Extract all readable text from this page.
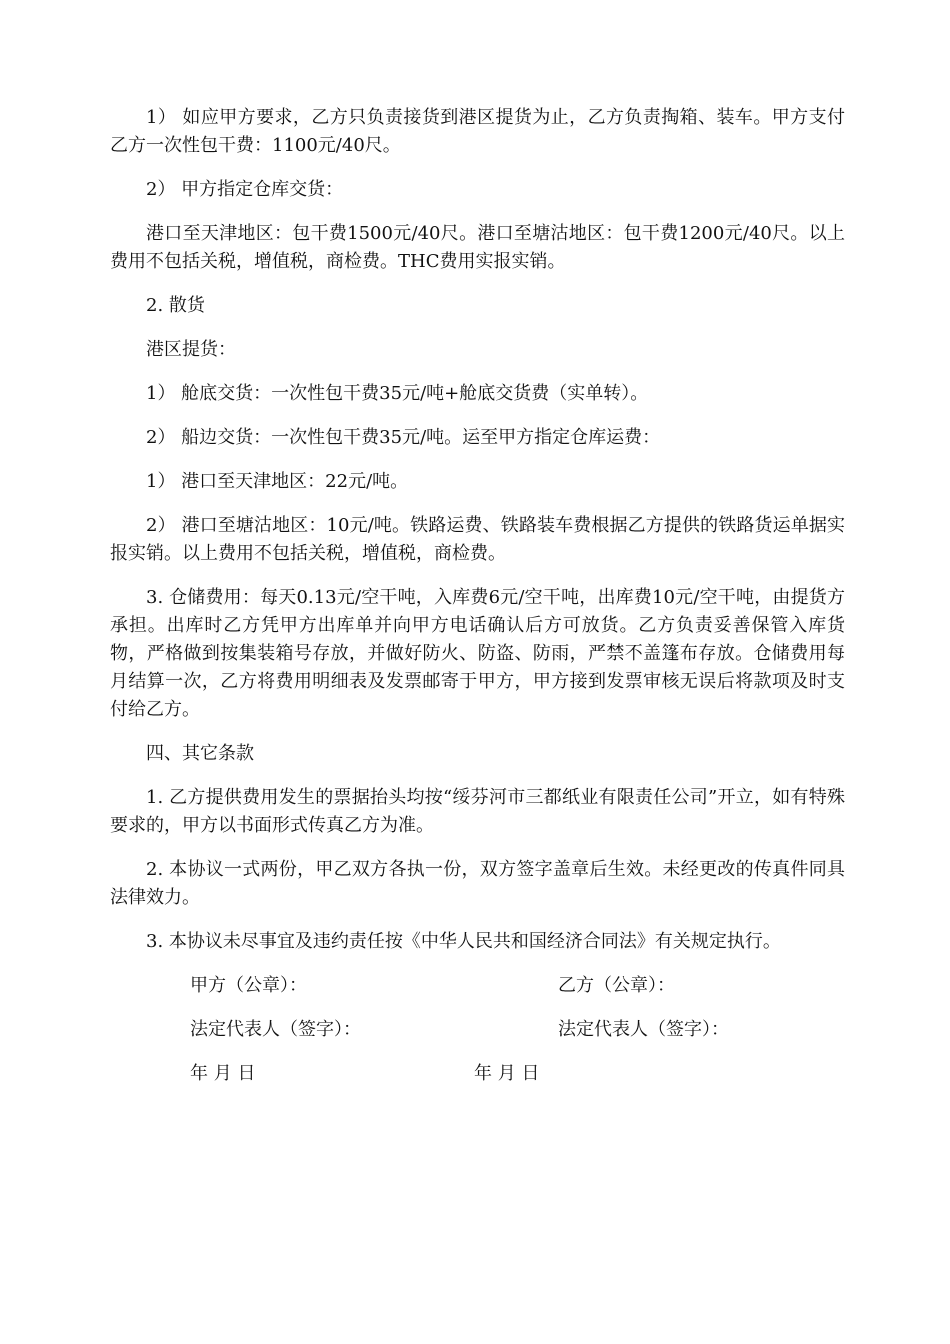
1） 如应甲方要求，乙方只负责接货到港区提货为止，乙方负责掏箱、装车。甲方支付乙方一次性包干费：1100元/40尺。

2） 甲方指定仓库交货：

港口至天津地区：包干费1500元/40尺。港口至塘沽地区：包干费1200元/40尺。以上费用不包括关税，增值税，商检费。THC费用实报实销。

2. 散货

港区提货：

1） 舱底交货：一次性包干费35元/吨+舱底交货费（实单转）。

2） 船边交货：一次性包干费35元/吨。运至甲方指定仓库运费：

1） 港口至天津地区：22元/吨。

2） 港口至塘沽地区：10元/吨。铁路运费、铁路装车费根据乙方提供的铁路货运单据实报实销。以上费用不包括关税，增值税，商检费。

3. 仓储费用：每天0.13元/空干吨，入库费6元/空干吨，出库费10元/空干吨，由提货方承担。出库时乙方凭甲方出库单并向甲方电话确认后方可放货。乙方负责妥善保管入库货物，严格做到按集装箱号存放，并做好防火、防盗、防雨，严禁不盖篷布存放。仓储费用每月结算一次，乙方将费用明细表及发票邮寄于甲方，甲方接到发票审核无误后将款项及时支付给乙方。

四、其它条款

1. 乙方提供费用发生的票据抬头均按“绥芬河市三都纸业有限责任公司”开立，如有特殊要求的，甲方以书面形式传真乙方为准。

2. 本协议一式两份，甲乙双方各执一份，双方签字盖章后生效。未经更改的传真件同具法律效力。

3. 本协议未尽事宜及违约责任按《中华人民共和国经济合同法》有关规定执行。

甲方（公章）：	乙方（公章）：
法定代表人（签字）：	法定代表人（签字）：
年 月 日	年 月 日
